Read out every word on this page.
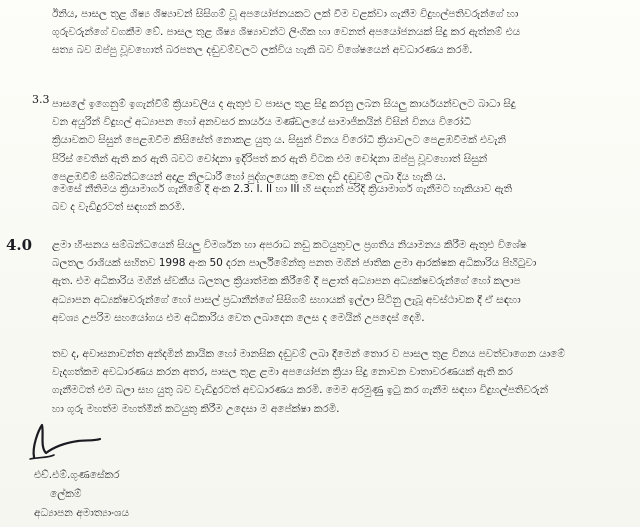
ඊනිය, පාසල තුළ ශිෂ්‍ය ශිෂ්‍යාවන් සිසිගම් වූ අපයෝජනයකට ලක් වීම වළක්වා ගැනීම විදුහල්පතිවරුන්ගේ හා
ගුරුවරුන්ගේ වගකීම වේ. පාසල තුළ ශිෂ්‍ය ශිෂ්‍යාවන්ට ලිංගික හා වෙනත් අපයෝජනයක් සිදු කර ඇත්නම් එය
සත්‍ය බව ඔප්පු වූවහොත් බරපතල දඬුවම්වලට ලක්විය හැකි බව විශේෂයෙන් අවධාරණය කරමි.
3.3 පාසලේ ඉගෙනුම් ඉගැන්වීම් ක්‍රියාවලිය ද ඇතුළු ව පාසල තුළ සිදු කරනු ලබන සියලු කාර්යයන්වලට බාධා සිදු
වන අයුරින් විදුහල් අධ්‍යාපන හෝ අනවසර කාර්යය මණ්ඩලයේ සාමාජිකයින් විසින් විනය විරෝධී
ක්‍රියාවකට සිසුන් පෙළඹවීම කිසිසේත් නොකළ යුතු ය. සිසුන් විනය විරෝධී ක්‍රියාවලට පෙළඹවීමක් එවැනි
පිරිස් වෙතින් ඇති කර ඇති බවට චෝදනා ඉදිරිපත් කර ඇති විටක එම චෝදනා ඔප්පු වූවහොත් සිසුන්
පෙළඹවීම් සම්බන්ධයෙන් අදාළ නිලධාරී හෝ පුද්ගලයෙකු වෙත දැඩි දඬුවම් ලබා දිය හැකි ය.
මෙසේ නීතිමය ක්‍රියාමාර්ග ගැනීමේ දී අංක 2.3. I. II හා III හි සඳහන් පරිදි ක්‍රියාමාර්ග ගැනීමට හැකියාව ඇති
බව ද වැඩිදුරටත් සඳහන් කරමි.
4.0 ළමා හිංසනය සම්බන්ධයෙන් සියලු විමර්ශන හා අපරාධ නඩු කටයුතුවල ප්‍රගතිය නියාමනය කිරීම ඇතුළු විශේෂ
බලතල රාශියක් සහිතව 1998 අංක 50 දරන පාර්ලිමේන්තු පනත මගින් ජාතික ළමා ආරක්ෂක අධිකාරිය පිහිටුවා
ඇත. එම අධිකාරිය මගින් ස්වකීය බලතල ක්‍රියාත්මක කිරීමේ දී පළාත් අධ්‍යාපන අධ්‍යක්ෂවරුන්ගේ හෝ කලාප
අධ්‍යාපන අධ්‍යක්ෂවරුන්ගේ හෝ පාසල් ප්‍රධානීන්ගේ සිසිගම් සහායක් ඉල්ලා සිටිනු ලැබූ අවස්ථාවක දී ඒ සඳහා
අවශ්‍ය උපරිම සහයෝගය එම අධිකාරිය වෙත ලබාදෙන ලෙස ද මෙයින් උපදෙස් දෙමි.
තව ද, අවාසනාවන්ත අන්දමින් කායික හෝ මානසික දඬුවම් ලබා දීමෙන් තොර ව පාසල තුළ විනය පවත්වාගෙන යාමේ
වැදගත්කම අවධාරණය කරන අතර, පාසල තුළ ළමා අපයෝජන ක්‍රියා සිදු නොවන වාතාවරණයක් ඇති කර
ගැනීමටත් එම බලා සහ යුතු බව වැඩිදුරටත් අවධාරණය කරමි. මෙම අරමුණු ඉටු කර ගැනීම සඳහා විදුහල්පතිවරුන්
හා ගුරු මහත්ම මහත්මීන් කටයුතු කිරීම උදෙසා ම අපේක්ෂා කරමි.
එච්.එම්.ගුණසේකර
ලේකම්
අධ්‍යාපන අමාත්‍යාංශය
